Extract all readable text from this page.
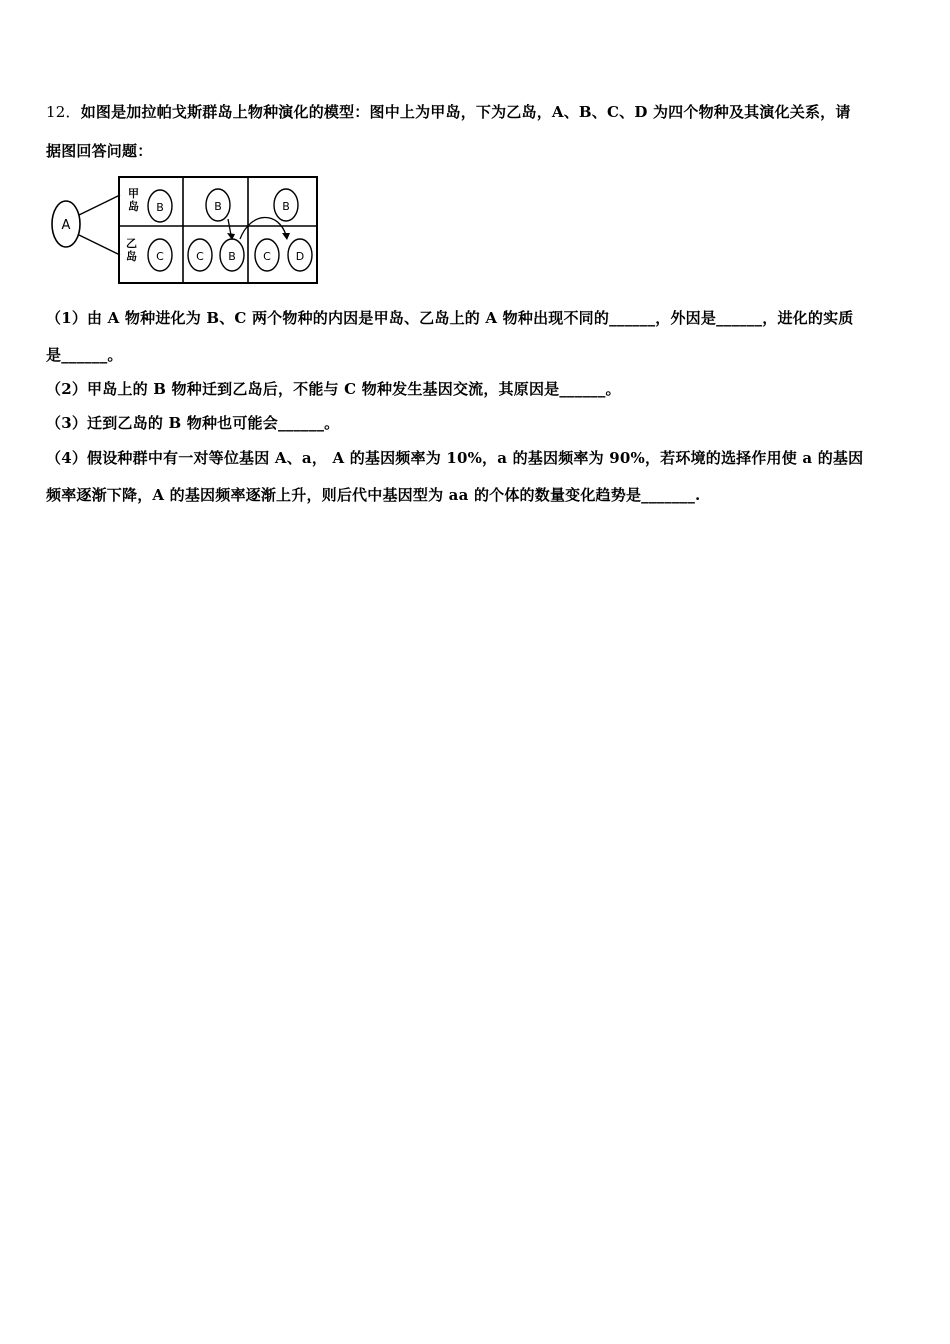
12．如图是加拉帕戈斯群岛上物种演化的模型：图中上为甲岛，下为乙岛，A、B、C、D 为四个物种及其演化关系，请
据图回答问题：
A
甲岛
乙岛
B	B	B
C	C B C D
（1）由 A 物种进化为 B、C 两个物种的内因是甲岛、乙岛上的 A 物种出现不同的______，外因是______，进化的实质
是______。
（2）甲岛上的 B 物种迁到乙岛后，不能与 C 物种发生基因交流，其原因是______。
（3）迁到乙岛的 B 物种也可能会______。
（4）假设种群中有一对等位基因 A、a， A 的基因频率为 10%，a 的基因频率为 90%，若环境的选择作用使 a 的基因
频率逐渐下降，A 的基因频率逐渐上升，则后代中基因型为 aa 的个体的数量变化趋势是_______.
